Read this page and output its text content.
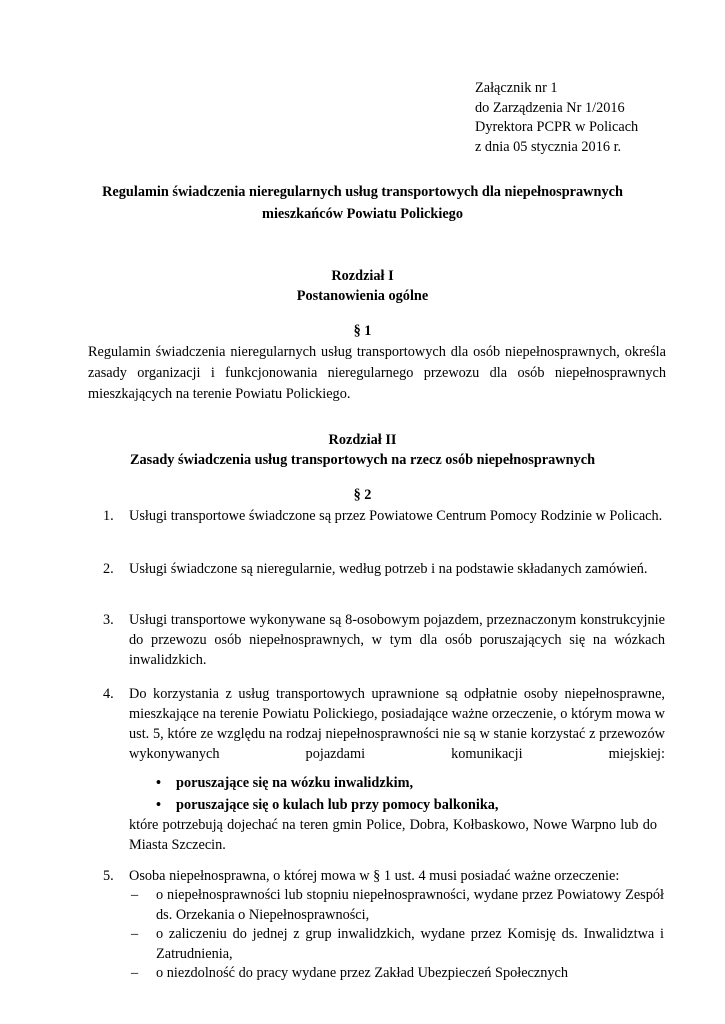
Załącznik nr 1
do Zarządzenia Nr 1/2016
Dyrektora PCPR w Policach
z dnia 05 stycznia 2016 r.
Regulamin świadczenia nieregularnych usług transportowych dla niepełnosprawnych
mieszkańców Powiatu Polickiego
Rozdział I
Postanowienia ogólne
§ 1
Regulamin świadczenia nieregularnych usług transportowych dla osób niepełnosprawnych, określa zasady organizacji i funkcjonowania nieregularnego przewozu dla osób niepełnosprawnych mieszkających na terenie Powiatu Polickiego.
Rozdział II
Zasady świadczenia usług transportowych na rzecz osób niepełnosprawnych
§ 2
1. Usługi transportowe świadczone są przez Powiatowe Centrum Pomocy Rodzinie w Policach.
2. Usługi świadczone są nieregularnie, według potrzeb i na podstawie składanych zamówień.
3. Usługi transportowe wykonywane są 8-osobowym pojazdem, przeznaczonym konstrukcyjnie do przewozu osób niepełnosprawnych, w tym dla osób poruszających się na wózkach inwalidzkich.
4. Do korzystania z usług transportowych uprawnione są odpłatnie osoby niepełnosprawne, mieszkające na terenie Powiatu Polickiego, posiadające ważne orzeczenie, o którym mowa w ust. 5, które ze względu na rodzaj niepełnosprawności nie są w stanie korzystać z przewozów wykonywanych pojazdami komunikacji miejskiej:
• poruszające się na wózku inwalidzkim,
• poruszające się o kulach lub przy pomocy balkonika,
które potrzebują dojechać na teren gmin Police, Dobra, Kołbaskowo, Nowe Warpno lub do Miasta Szczecin.
5. Osoba niepełnosprawna, o której mowa w § 1 ust. 4 musi posiadać ważne orzeczenie:
– o niepełnosprawności lub stopniu niepełnosprawności, wydane przez Powiatowy Zespół ds. Orzekania o Niepełnosprawności,
– o zaliczeniu do jednej z grup inwalidzkich, wydane przez Komisję ds. Inwalidztwa i Zatrudnienia,
– o niezdolność do pracy wydane przez Zakład Ubezpieczeń Społecznych
